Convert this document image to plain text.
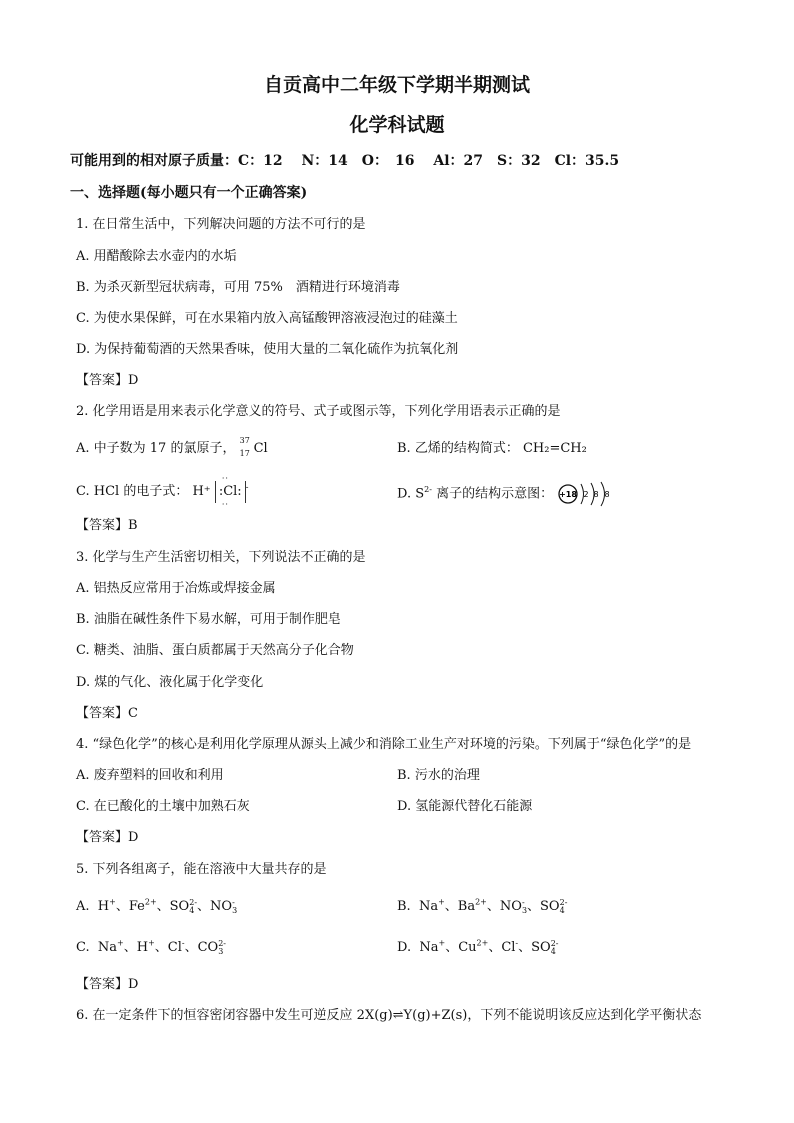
自贡高中二年级下学期半期测试
化学科试题
可能用到的相对原子质量：C：12　 N：14　O：　16　 Al：27　S：32　Cl：35.5
一、选择题(每小题只有一个正确答案)
1. 在日常生活中，下列解决问题的方法不可行的是
A. 用醋酸除去水壶内的水垢
B. 为杀灭新型冠状病毒，可用 75%　酒精进行环境消毒
C. 为使水果保鲜，可在水果箱内放入高锰酸钾溶液浸泡过的硅藻土
D. 为保持葡萄酒的天然果香味，使用大量的二氧化硫作为抗氧化剂
【答案】D
2. 化学用语是用来表示化学意义的符号、式子或图示等，下列化学用语表示正确的是
A. 中子数为 17 的氯原子，
37
17 Cl	B. 乙烯的结构简式： CH₂=CH₂
C. HCl 的电子式： H⁺
··
:Cl:
··
-	D. $S^{2-}$ 离子的结构示意图： +18 2 8 8
【答案】B
3. 化学与生产生活密切相关，下列说法不正确的是
A. 铝热反应常用于冶炼或焊接金属
B. 油脂在碱性条件下易水解，可用于制作肥皂
C. 糖类、油脂、蛋白质都属于天然高分子化合物
D. 煤的气化、液化属于化学变化
【答案】C
4. “绿色化学”的核心是利用化学原理从源头上减少和消除工业生产对环境的污染。下列属于“绿色化学”的是
A. 废弃塑料的回收和利用	B. 污水的治理
C. 在已酸化的土壤中加熟石灰	D. 氢能源代替化石能源
【答案】D
5. 下列各组离子，能在溶液中大量共存的是
A.  H+、$Fe^{2+}$、SO 2-
4 、NO -
3	B.  Na+、$Ba^{2+}$、NO -
3 、SO 2-
4
C.  Na+、H+、Cl-、CO 2-
3	D.  Na+、$Cu^{2+}$、Cl-、SO 2-
4
【答案】D
6. 在一定条件下的恒容密闭容器中发生可逆反应 2X(g)⇌Y(g)+Z(s)，下列不能说明该反应达到化学平衡状态
